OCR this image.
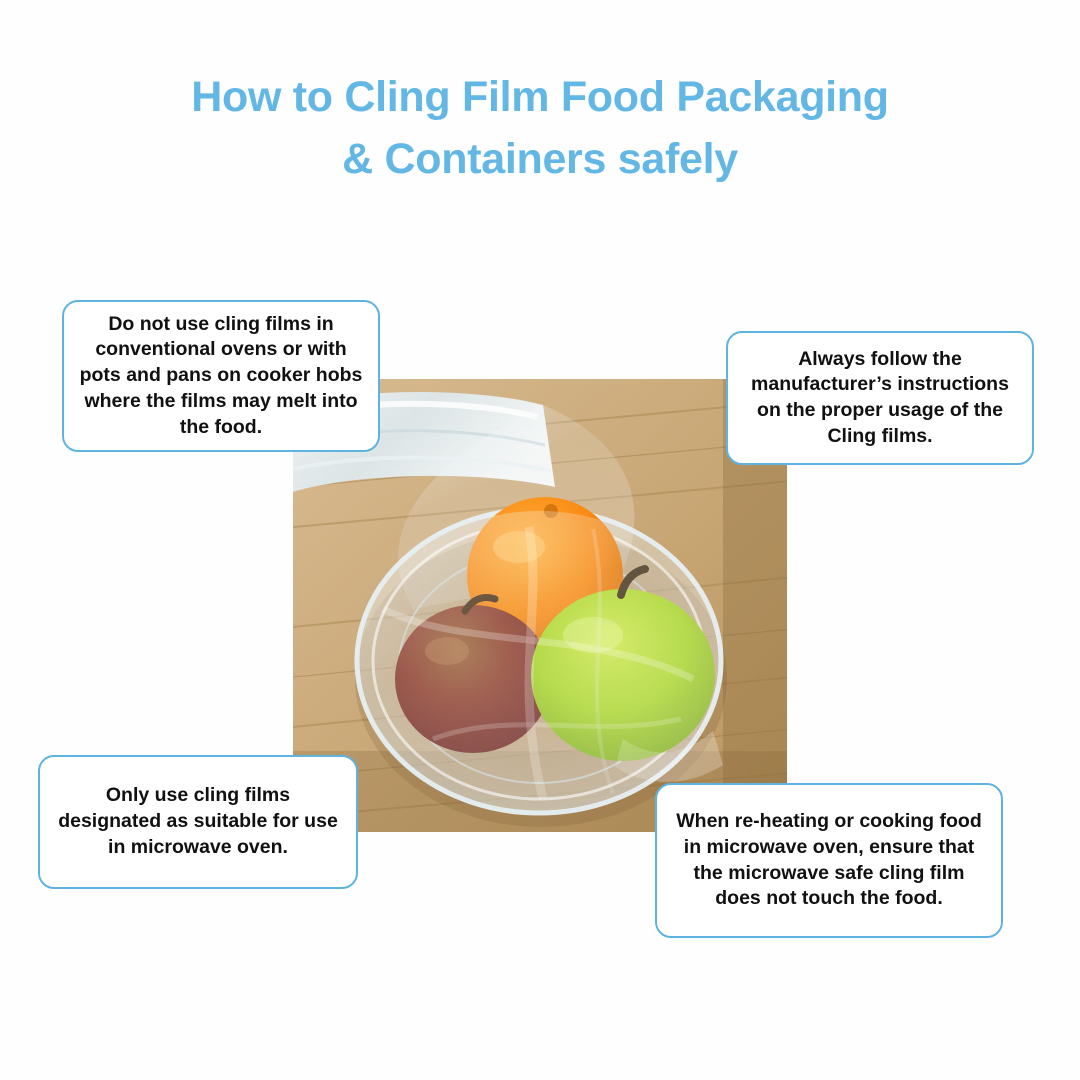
How to Cling Film Food Packaging
& Containers safely

Do not use cling films in conventional ovens or with pots and pans on cooker hobs where the films may melt into the food.

Always follow the manufacturer’s instructions on the proper usage of the Cling films.

Only use cling films designated as suitable for use in microwave oven.

When re-heating or cooking food in microwave oven, ensure that the microwave safe cling film does not touch the food.
